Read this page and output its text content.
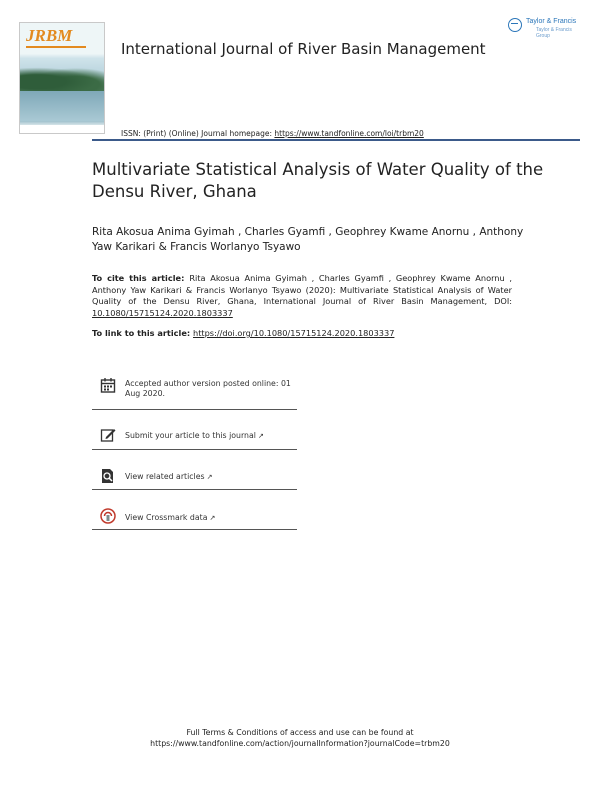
JRBM
Taylor & Francis
Taylor & Francis Group
International Journal of River Basin Management
ISSN: (Print) (Online) Journal homepage: https://www.tandfonline.com/loi/trbm20
Multivariate Statistical Analysis of Water Quality of the Densu River, Ghana
Rita Akosua Anima Gyimah , Charles Gyamfi , Geophrey Kwame Anornu , Anthony Yaw Karikari & Francis Worlanyo Tsyawo
To cite this article: Rita Akosua Anima Gyimah , Charles Gyamfi , Geophrey Kwame Anornu , Anthony Yaw Karikari & Francis Worlanyo Tsyawo (2020): Multivariate Statistical Analysis of Water Quality of the Densu River, Ghana, International Journal of River Basin Management, DOI: 10.1080/15715124.2020.1803337
To link to this article: https://doi.org/10.1080/15715124.2020.1803337
Accepted author version posted online: 01 Aug 2020.
Submit your article to this journal ↗
View related articles ↗
View Crossmark data ↗
Full Terms & Conditions of access and use can be found at
https://www.tandfonline.com/action/journalInformation?journalCode=trbm20
